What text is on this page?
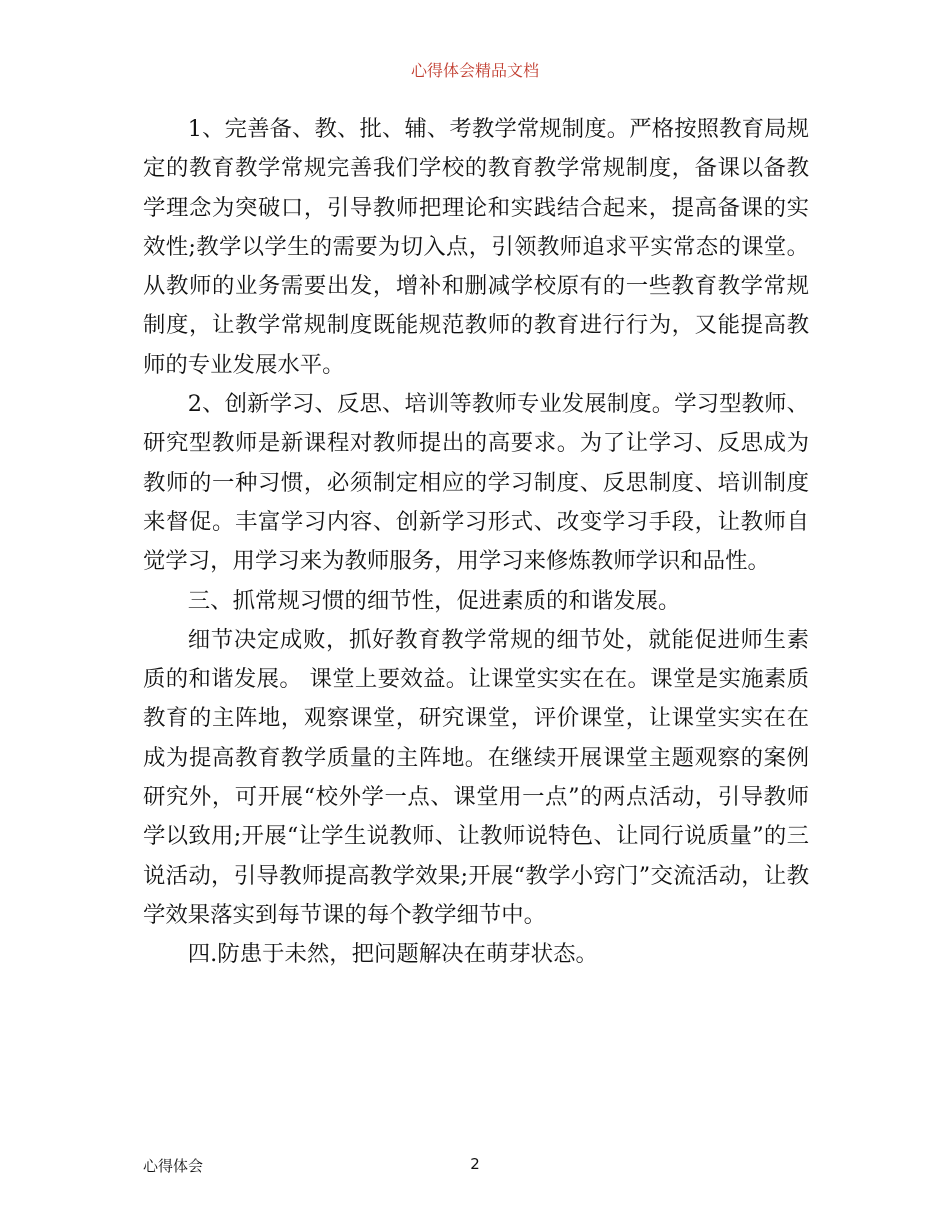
心得体会精品文档

1、完善备、教、批、辅、考教学常规制度。严格按照教育局规定的教育教学常规完善我们学校的教育教学常规制度，备课以备教学理念为突破口，引导教师把理论和实践结合起来，提高备课的实效性;教学以学生的需要为切入点，引领教师追求平实常态的课堂。从教师的业务需要出发，增补和删减学校原有的一些教育教学常规制度，让教学常规制度既能规范教师的教育进行行为，又能提高教师的专业发展水平。

2、创新学习、反思、培训等教师专业发展制度。学习型教师、研究型教师是新课程对教师提出的高要求。为了让学习、反思成为教师的一种习惯，必须制定相应的学习制度、反思制度、培训制度来督促。丰富学习内容、创新学习形式、改变学习手段，让教师自觉学习，用学习来为教师服务，用学习来修炼教师学识和品性。

三、抓常规习惯的细节性，促进素质的和谐发展。

细节决定成败，抓好教育教学常规的细节处，就能促进师生素质的和谐发展。 课堂上要效益。让课堂实实在在。课堂是实施素质教育的主阵地，观察课堂，研究课堂，评价课堂，让课堂实实在在成为提高教育教学质量的主阵地。在继续开展课堂主题观察的案例研究外，可开展“校外学一点、课堂用一点”的两点活动，引导教师学以致用;开展“让学生说教师、让教师说特色、让同行说质量”的三说活动，引导教师提高教学效果;开展“教学小窍门”交流活动，让教学效果落实到每节课的每个教学细节中。

四.防患于未然，把问题解决在萌芽状态。

心得体会	2
